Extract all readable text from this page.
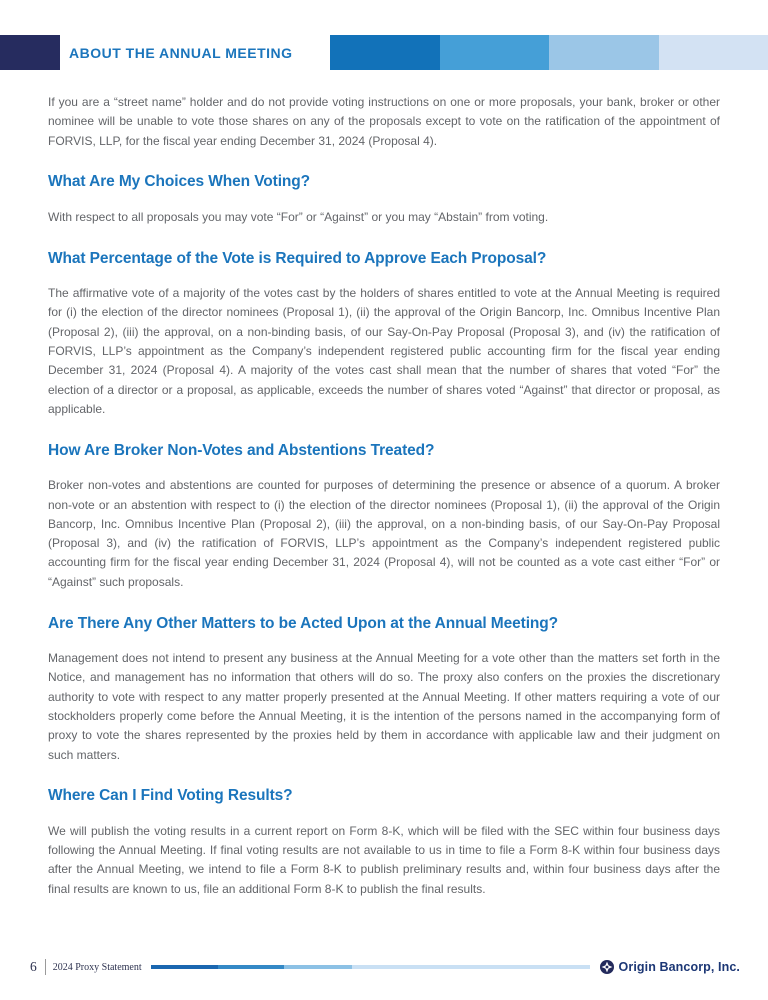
ABOUT THE ANNUAL MEETING

If you are a “street name” holder and do not provide voting instructions on one or more proposals, your bank, broker or other nominee will be unable to vote those shares on any of the proposals except to vote on the ratification of the appointment of FORVIS, LLP, for the fiscal year ending December 31, 2024 (Proposal 4).

What Are My Choices When Voting?

With respect to all proposals you may vote “For” or “Against” or you may “Abstain” from voting.

What Percentage of the Vote is Required to Approve Each Proposal?

The affirmative vote of a majority of the votes cast by the holders of shares entitled to vote at the Annual Meeting is required for (i) the election of the director nominees (Proposal 1), (ii) the approval of the Origin Bancorp, Inc. Omnibus Incentive Plan (Proposal 2), (iii) the approval, on a non-binding basis, of our Say-On-Pay Proposal (Proposal 3), and (iv) the ratification of FORVIS, LLP’s appointment as the Company’s independent registered public accounting firm for the fiscal year ending December 31, 2024 (Proposal 4). A majority of the votes cast shall mean that the number of shares that voted “For” the election of a director or a proposal, as applicable, exceeds the number of shares voted “Against” that director or proposal, as applicable.

How Are Broker Non-Votes and Abstentions Treated?

Broker non-votes and abstentions are counted for purposes of determining the presence or absence of a quorum. A broker non-vote or an abstention with respect to (i) the election of the director nominees (Proposal 1), (ii) the approval of the Origin Bancorp, Inc. Omnibus Incentive Plan (Proposal 2), (iii) the approval, on a non-binding basis, of our Say-On-Pay Proposal (Proposal 3), and (iv) the ratification of FORVIS, LLP’s appointment as the Company’s independent registered public accounting firm for the fiscal year ending December 31, 2024 (Proposal 4), will not be counted as a vote cast either “For” or “Against” such proposals.

Are There Any Other Matters to be Acted Upon at the Annual Meeting?

Management does not intend to present any business at the Annual Meeting for a vote other than the matters set forth in the Notice, and management has no information that others will do so. The proxy also confers on the proxies the discretionary authority to vote with respect to any matter properly presented at the Annual Meeting. If other matters requiring a vote of our stockholders properly come before the Annual Meeting, it is the intention of the persons named in the accompanying form of proxy to vote the shares represented by the proxies held by them in accordance with applicable law and their judgment on such matters.

Where Can I Find Voting Results?

We will publish the voting results in a current report on Form 8-K, which will be filed with the SEC within four business days following the Annual Meeting. If final voting results are not available to us in time to file a Form 8-K within four business days after the Annual Meeting, we intend to file a Form 8-K to publish preliminary results and, within four business days after the final results are known to us, file an additional Form 8-K to publish the final results.

6 2024 Proxy Statement	Origin Bancorp, Inc.
